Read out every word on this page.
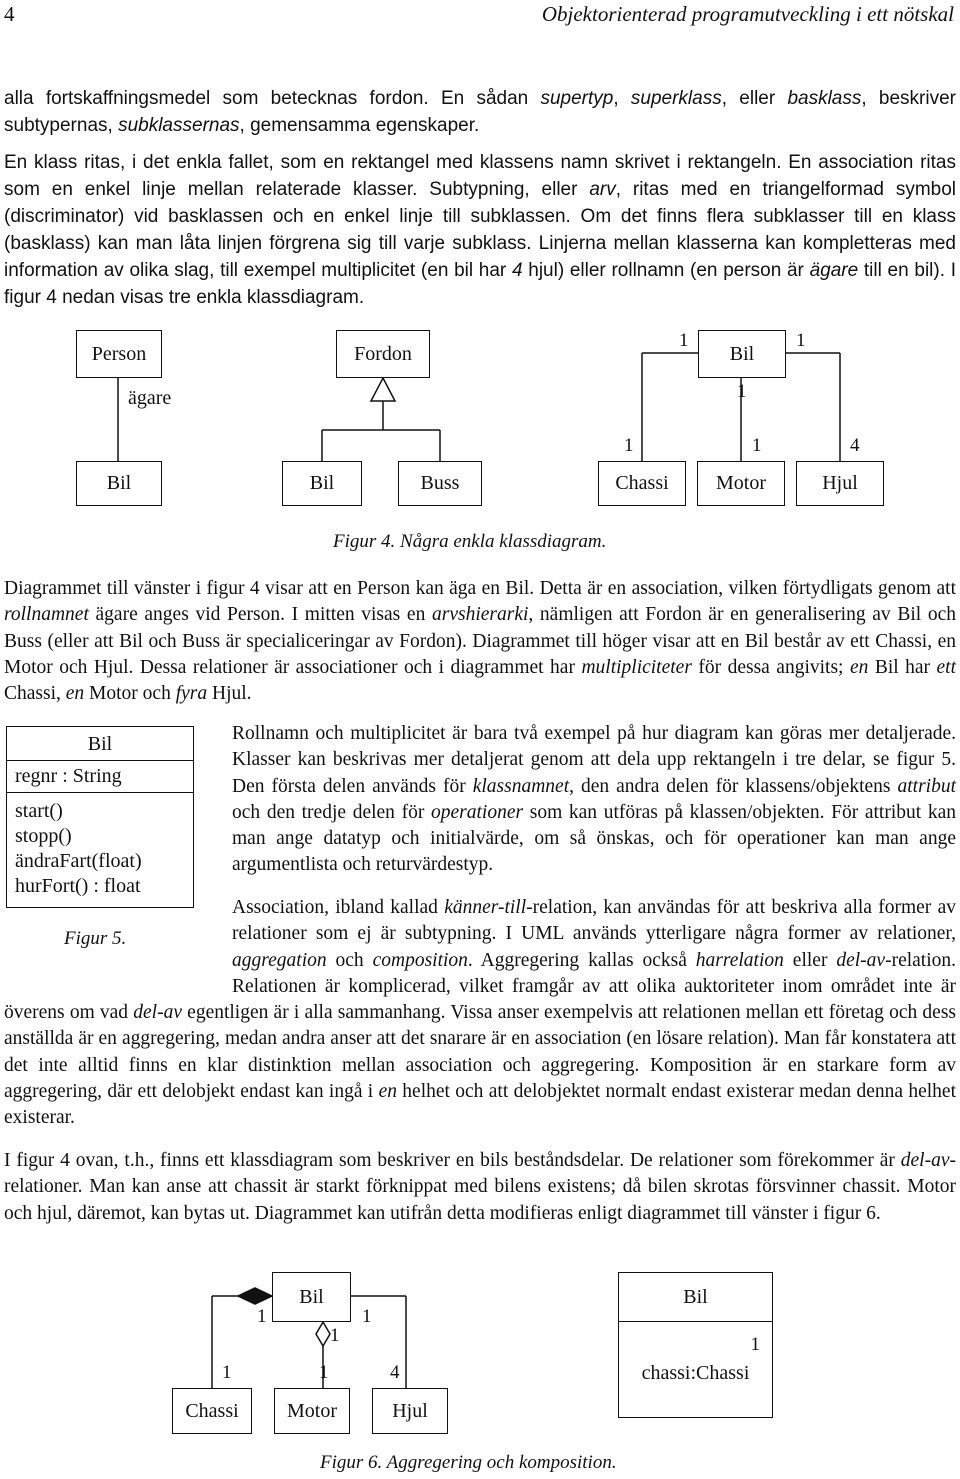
4	Objektorienterad programutveckling i ett nötskal

alla fortskaffningsmedel som betecknas fordon. En sådan supertyp, superklass, eller basklass, beskriver subtypernas, subklassernas, gemensamma egenskaper.

En klass ritas, i det enkla fallet, som en rektangel med klassens namn skrivet i rektangeln. En association ritas som en enkel linje mellan relaterade klasser. Subtypning, eller arv, ritas med en triangelformad symbol (discriminator) vid basklassen och en enkel linje till subklassen. Om det finns flera subklasser till en klass (basklass) kan man låta linjen förgrena sig till varje subklass. Linjerna mellan klasserna kan kompletteras med information av olika slag, till exempel multiplicitet (en bil har 4 hjul) eller rollnamn (en person är ägare till en bil). I figur 4 nedan visas tre enkla klassdiagram.

Person
ägare
Bil
Fordon
Bil	Buss
Bil
Chassi	Motor	Hjul
1	1
1
1	1	4
Figur 4. Några enkla klassdiagram.

Diagrammet till vänster i figur 4 visar att en Person kan äga en Bil. Detta är en association, vilken förtydligats genom att rollnamnet ägare anges vid Person. I mitten visas en arvshierarki, nämligen att Fordon är en generalisering av Bil och Buss (eller att Bil och Buss är specialiceringar av Fordon). Diagrammet till höger visar att en Bil består av ett Chassi, en Motor och Hjul. Dessa relationer är associationer och i diagrammet har multipliciteter för dessa angivits; en Bil har ett Chassi, en Motor och fyra Hjul.

Bil
regnr : String
start()
stopp()
ändraFart(float)
hurFort() : float
Figur 5.

Rollnamn och multiplicitet är bara två exempel på hur diagram kan göras mer detaljerade. Klasser kan beskrivas mer detaljerat genom att dela upp rektangeln i tre delar, se figur 5. Den första delen används för klassnamnet, den andra delen för klassens/objektens attribut och den tredje delen för operationer som kan utföras på klassen/objekten. För attribut kan man ange datatyp och initialvärde, om så önskas, och för operationer kan man ange argumentlista och returvärdestyp.

Association, ibland kallad känner-till-relation, kan användas för att beskriva alla former av relationer som ej är subtypning. I UML används ytterligare några former av relationer, aggregation och composition. Aggregering kallas också harrelation eller del-av-relation. Relationen är komplicerad, vilket framgår av att olika auktoriteter inom området inte är överens om vad del-av egentligen är i alla sammanhang. Vissa anser exempelvis att relationen mellan ett företag och dess anställda är en aggregering, medan andra anser att det snarare är en association (en lösare relation). Man får konstatera att det inte alltid finns en klar distinktion mellan association och aggregering. Komposition är en starkare form av aggregering, där ett delobjekt endast kan ingå i en helhet och att delobjektet normalt endast existerar medan denna helhet existerar.

I figur 4 ovan, t.h., finns ett klassdiagram som beskriver en bils beståndsdelar. De relationer som förekommer är del-av-relationer. Man kan anse att chassit är starkt förknippat med bilens existens; då bilen skrotas försvinner chassit. Motor och hjul, däremot, kan bytas ut. Diagrammet kan utifrån detta modifieras enligt diagrammet till vänster i figur 6.

Bil
Chassi	Motor	Hjul
1
1
1
1	1	4
Bil
1
chassi:Chassi
Figur 6. Aggregering och komposition.
